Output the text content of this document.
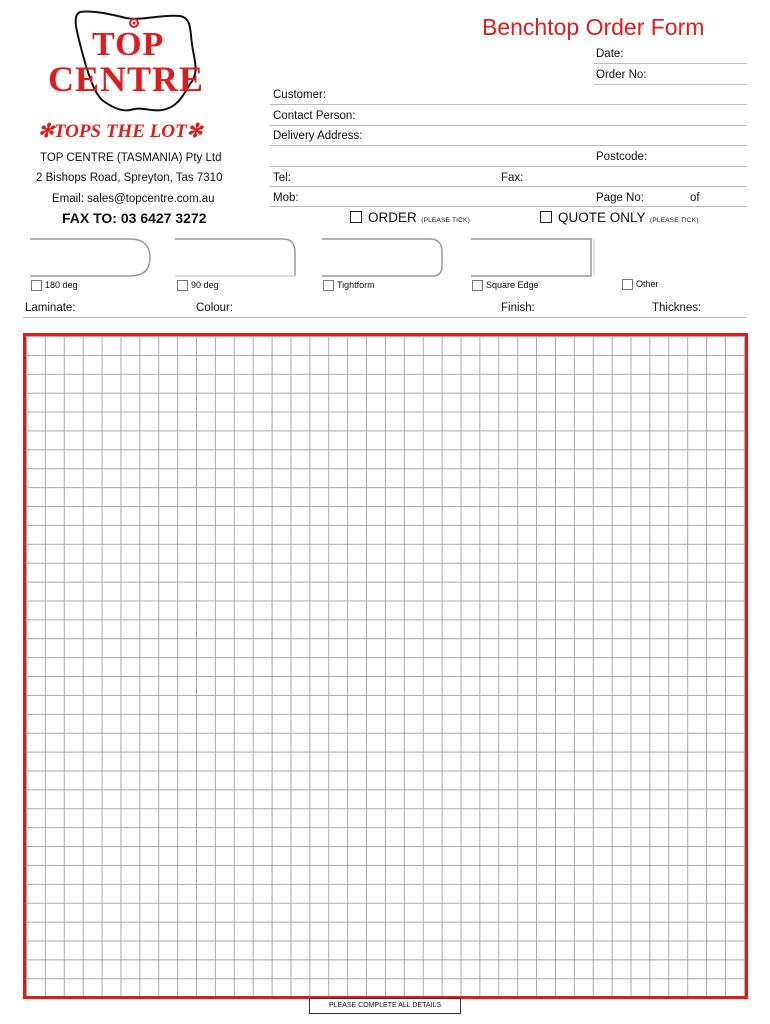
TOP
CENTRE
✻TOPS THE LOT✻
TOP CENTRE (TASMANIA) Pty Ltd
2 Bishops Road, Spreyton, Tas 7310
Email: sales@topcentre.com.au
FAX TO: 03 6427 3272
Benchtop Order Form
Date:
Order No:
Customer:
Contact Person:
Delivery Address:
Postcode:
Tel:	Fax:
Mob:	Page No:	of
ORDER (PLEASE TICK)	QUOTE ONLY (PLEASE TICK)
180 deg	90 deg	Tightform	Square Edge	Other
Laminate:	Colour:	Finish:	Thicknes:
PLEASE COMPLETE ALL DETAILS
